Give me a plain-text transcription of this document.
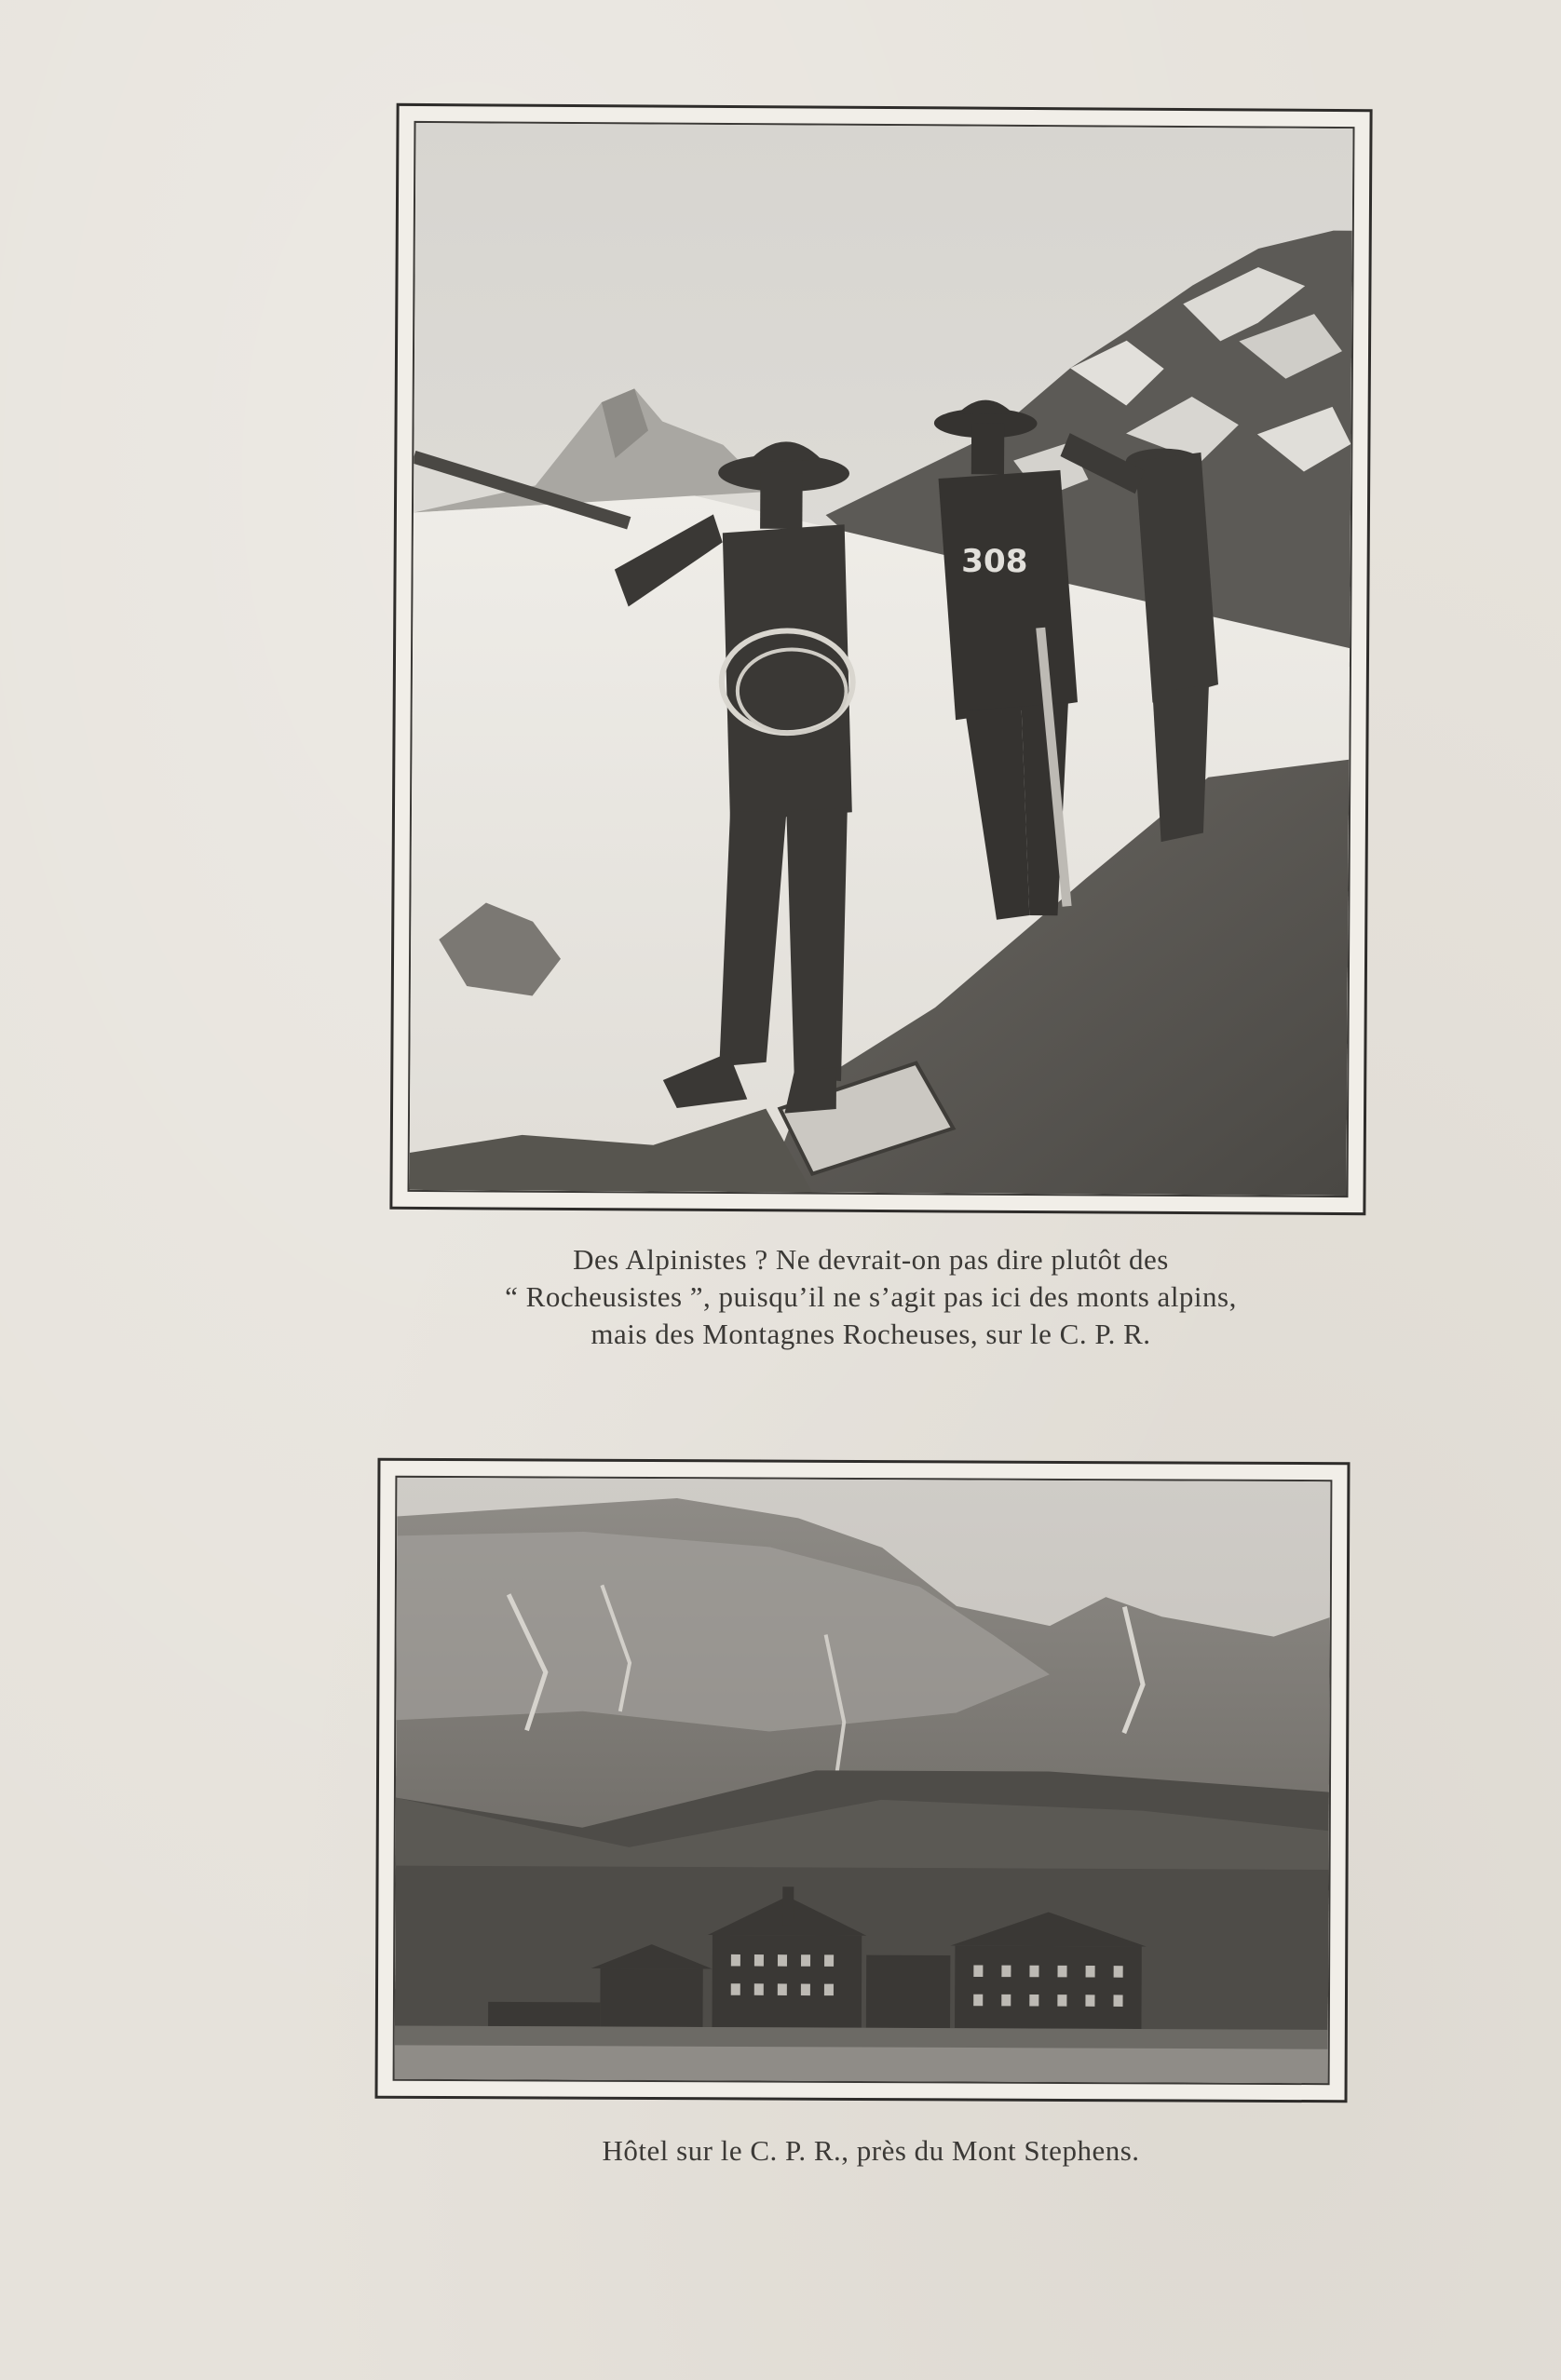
308
Des Alpinistes ? Ne devrait-on pas dire plutôt des
“ Rocheusistes ”, puisqu’il ne s’agit pas ici des monts alpins,
mais des Montagnes Rocheuses, sur le C. P. R.
Hôtel sur le C. P. R., près du Mont Stephens.
